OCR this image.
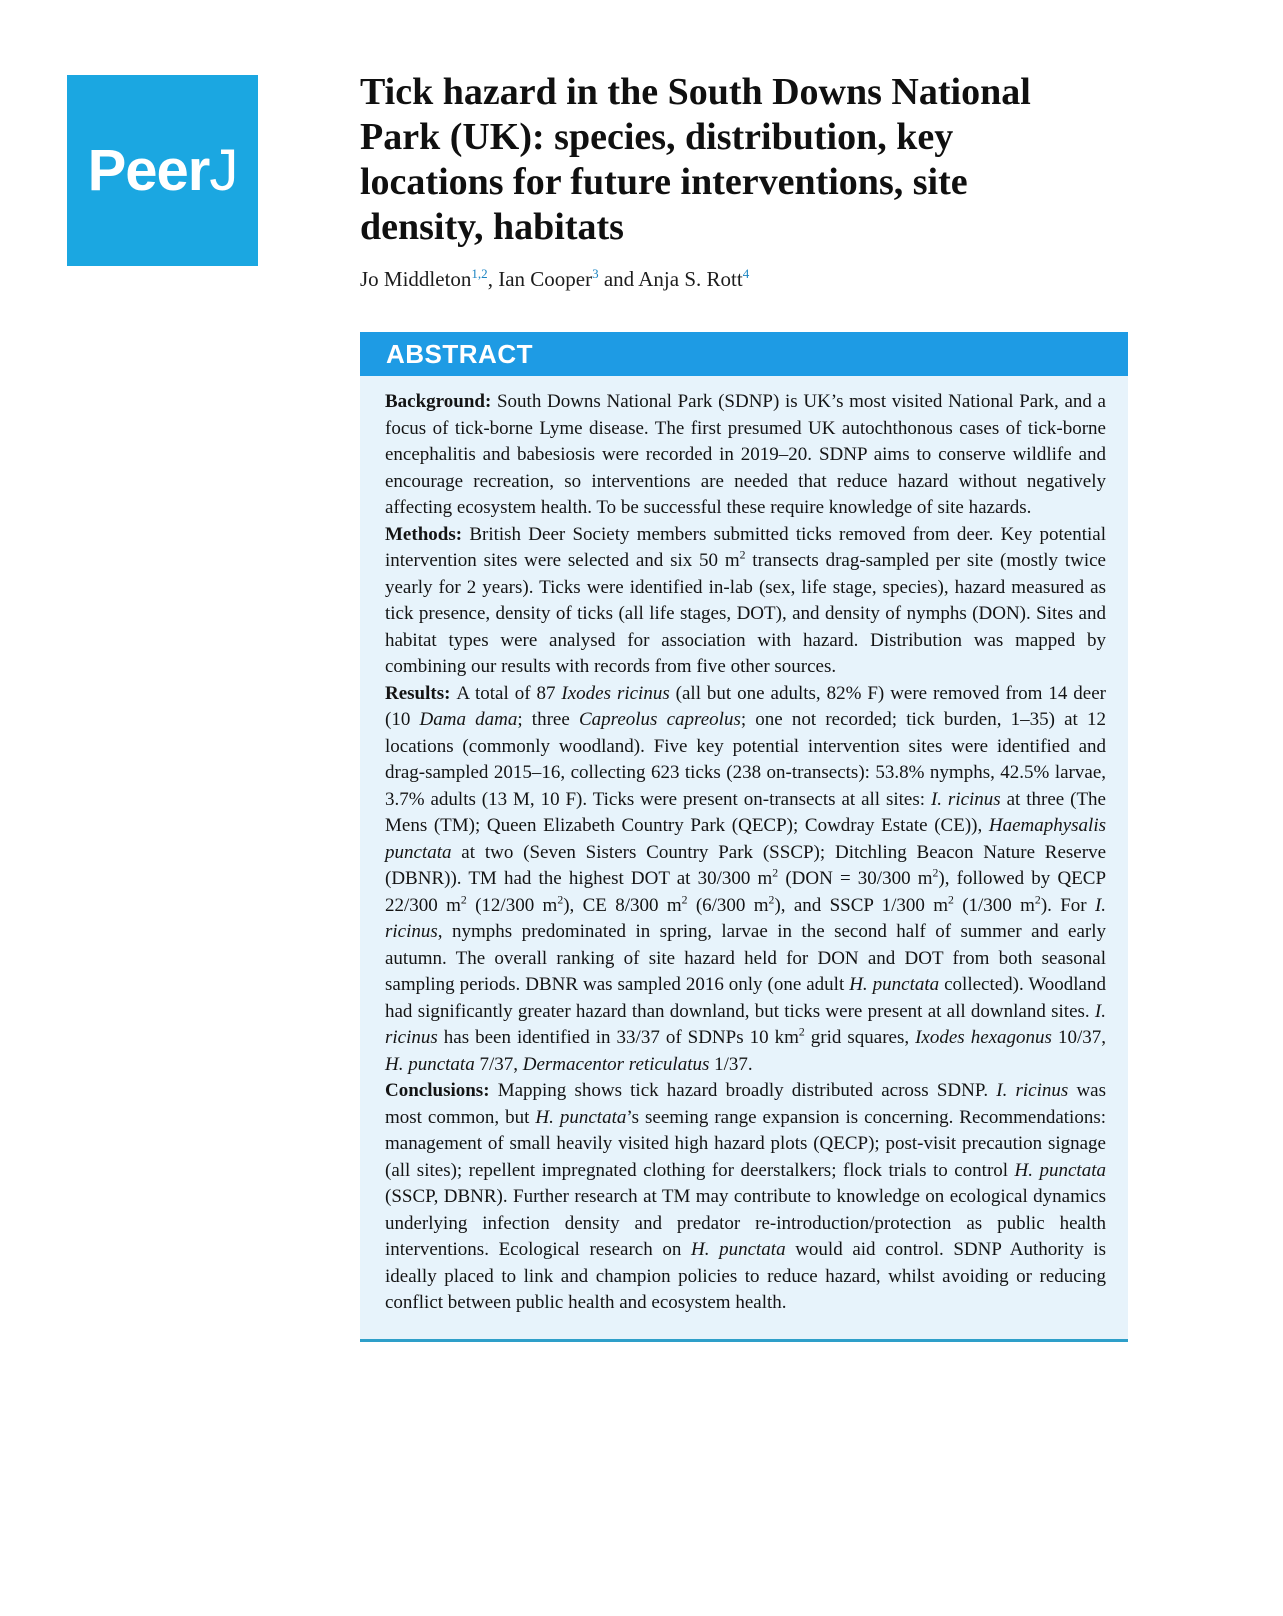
PeerJ
Tick hazard in the South Downs National
Park (UK): species, distribution, key
locations for future interventions, site
density, habitats

Jo Middleton$^{1,2}$, Ian Cooper$^3$ and Anja S. Rott$^4$

ABSTRACT

Background: South Downs National Park (SDNP) is UK’s most visited National Park, and a focus of tick-borne Lyme disease. The first presumed UK autochthonous cases of tick-borne encephalitis and babesiosis were recorded in 2019–20. SDNP aims to conserve wildlife and encourage recreation, so interventions are needed that reduce hazard without negatively affecting ecosystem health. To be successful these require knowledge of site hazards.

Methods: British Deer Society members submitted ticks removed from deer. Key potential intervention sites were selected and six 50 $m^2$ transects drag-sampled per site (mostly twice yearly for 2 years). Ticks were identified in-lab (sex, life stage, species), hazard measured as tick presence, density of ticks (all life stages, DOT), and density of nymphs (DON). Sites and habitat types were analysed for association with hazard. Distribution was mapped by combining our results with records from five other sources.

Results: A total of 87 Ixodes ricinus (all but one adults, 82% F) were removed from 14 deer (10 Dama dama; three Capreolus capreolus; one not recorded; tick burden, 1–35) at 12 locations (commonly woodland). Five key potential intervention sites were identified and drag-sampled 2015–16, collecting 623 ticks (238 on-transects): 53.8% nymphs, 42.5% larvae, 3.7% adults (13 M, 10 F). Ticks were present on-transects at all sites: I. ricinus at three (The Mens (TM); Queen Elizabeth Country Park (QECP); Cowdray Estate (CE)), Haemaphysalis punctata at two (Seven Sisters Country Park (SSCP); Ditchling Beacon Nature Reserve (DBNR)). TM had the highest DOT at 30/300 $m^2$ (DON = 30/300 $m^2$), followed by QECP 22/300 $m^2$ (12/300 $m^2$), CE 8/300 $m^2$ (6/300 $m^2$), and SSCP 1/300 $m^2$ (1/300 $m^2$). For I. ricinus, nymphs predominated in spring, larvae in the second half of summer and early autumn. The overall ranking of site hazard held for DON and DOT from both seasonal sampling periods. DBNR was sampled 2016 only (one adult H. punctata collected). Woodland had significantly greater hazard than downland, but ticks were present at all downland sites. I. ricinus has been identified in 33/37 of SDNPs 10 $km^2$ grid squares, Ixodes hexagonus 10/37, H. punctata 7/37, Dermacentor reticulatus 1/37.

Conclusions: Mapping shows tick hazard broadly distributed across SDNP. I. ricinus was most common, but H. punctata’s seeming range expansion is concerning. Recommendations: management of small heavily visited high hazard plots (QECP); post-visit precaution signage (all sites); repellent impregnated clothing for deerstalkers; flock trials to control H. punctata (SSCP, DBNR). Further research at TM may contribute to knowledge on ecological dynamics underlying infection density and predator re-introduction/protection as public health interventions. Ecological research on H. punctata would aid control. SDNP Authority is ideally placed to link and champion policies to reduce hazard, whilst avoiding or reducing conflict between public health and ecosystem health.
